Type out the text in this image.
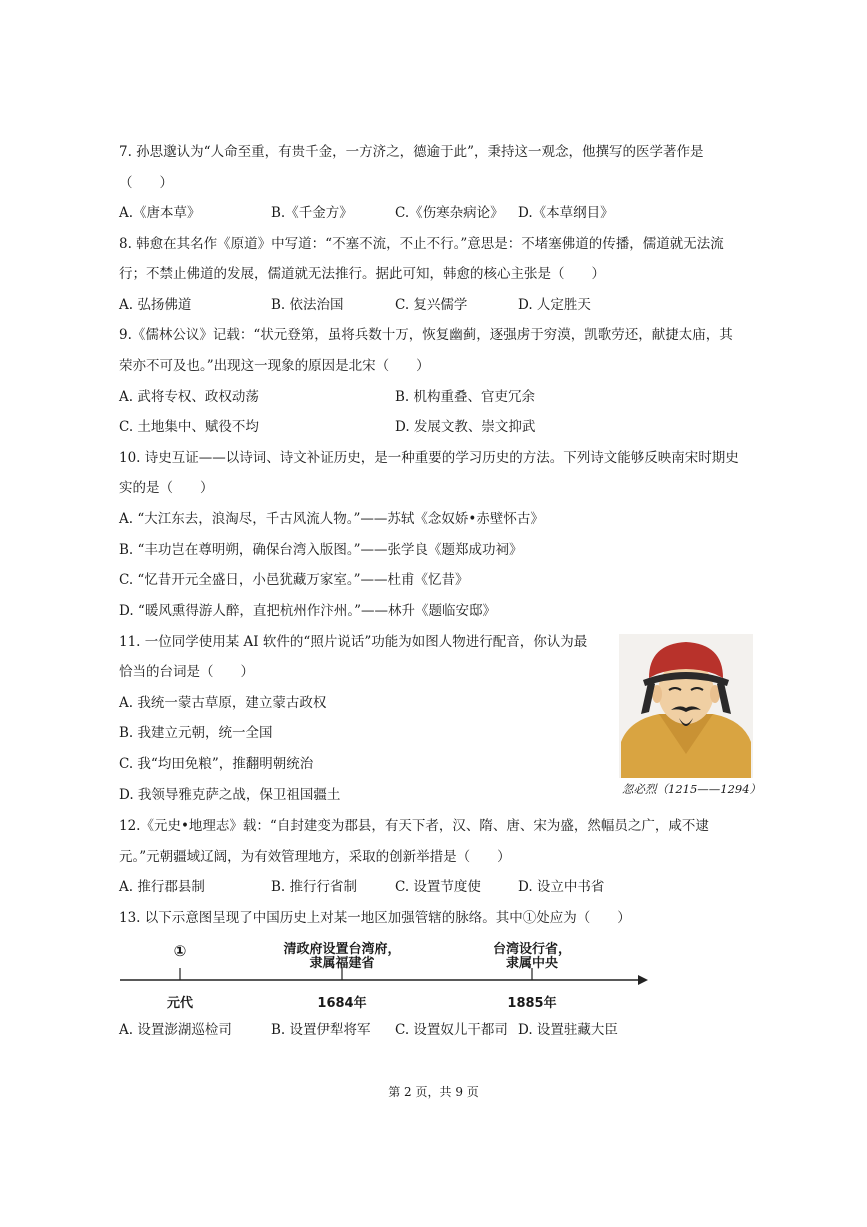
7. 孙思邈认为“人命至重，有贵千金，一方济之，德逾于此”，秉持这一观念，他撰写的医学著作是
（　　）
A.《唐本草》	B.《千金方》	C.《伤寒杂病论》 D.《本草纲目》
8. 韩愈在其名作《原道》中写道：“不塞不流，不止不行。”意思是：不堵塞佛道的传播，儒道就无法流
行；不禁止佛道的发展，儒道就无法推行。据此可知，韩愈的核心主张是（　　）
A. 弘扬佛道	B. 依法治国	C. 复兴儒学	D. 人定胜天
9.《儒林公议》记载：“状元登第，虽将兵数十万，恢复幽蓟，逐强虏于穷漠，凯歌劳还，献捷太庙，其
荣亦不可及也。”出现这一现象的原因是北宋（　　）
A. 武将专权、政权动荡	B. 机构重叠、官吏冗余
C. 土地集中、赋役不均	D. 发展文教、崇文抑武
10. 诗史互证——以诗词、诗文补证历史，是一种重要的学习历史的方法。下列诗文能够反映南宋时期史
实的是（　　）
A. “大江东去，浪淘尽，千古风流人物。”——苏轼《念奴娇•赤壁怀古》
B. “丰功岂在尊明朔，确保台湾入版图。”——张学良《题郑成功祠》
C. “忆昔开元全盛日，小邑犹藏万家室。”——杜甫《忆昔》
D. “暖风熏得游人醉，直把杭州作汴州。”——林升《题临安邸》
11. 一位同学使用某 AI 软件的“照片说话”功能为如图人物进行配音，你认为最
恰当的台词是（　　）
A. 我统一蒙古草原，建立蒙古政权
B. 我建立元朝，统一全国
C. 我“均田免粮”，推翻明朝统治
D. 我领导雅克萨之战，保卫祖国疆土	忽必烈（1215——1294）
12.《元史•地理志》载：“自封建变为郡县，有天下者，汉、隋、唐、宋为盛，然幅员之广，咸不逮
元。”元朝疆域辽阔，为有效管理地方，采取的创新举措是（　　）
13. 以下示意图呈现了中国历史上对某一地区加强管辖的脉络。其中①处应为（　　）
①	清政府设置台湾府，
隶属福建省
台湾设行省，
隶属中央
元代	1684年	1885年
A. 设置澎湖巡检司	B. 设置伊犁将军 C. 设置奴儿干都司 D. 设置驻藏大臣
第 2 页，共 9 页
A. 推行郡县制	B. 推行行省制	C. 设置节度使	D. 设立中书省
